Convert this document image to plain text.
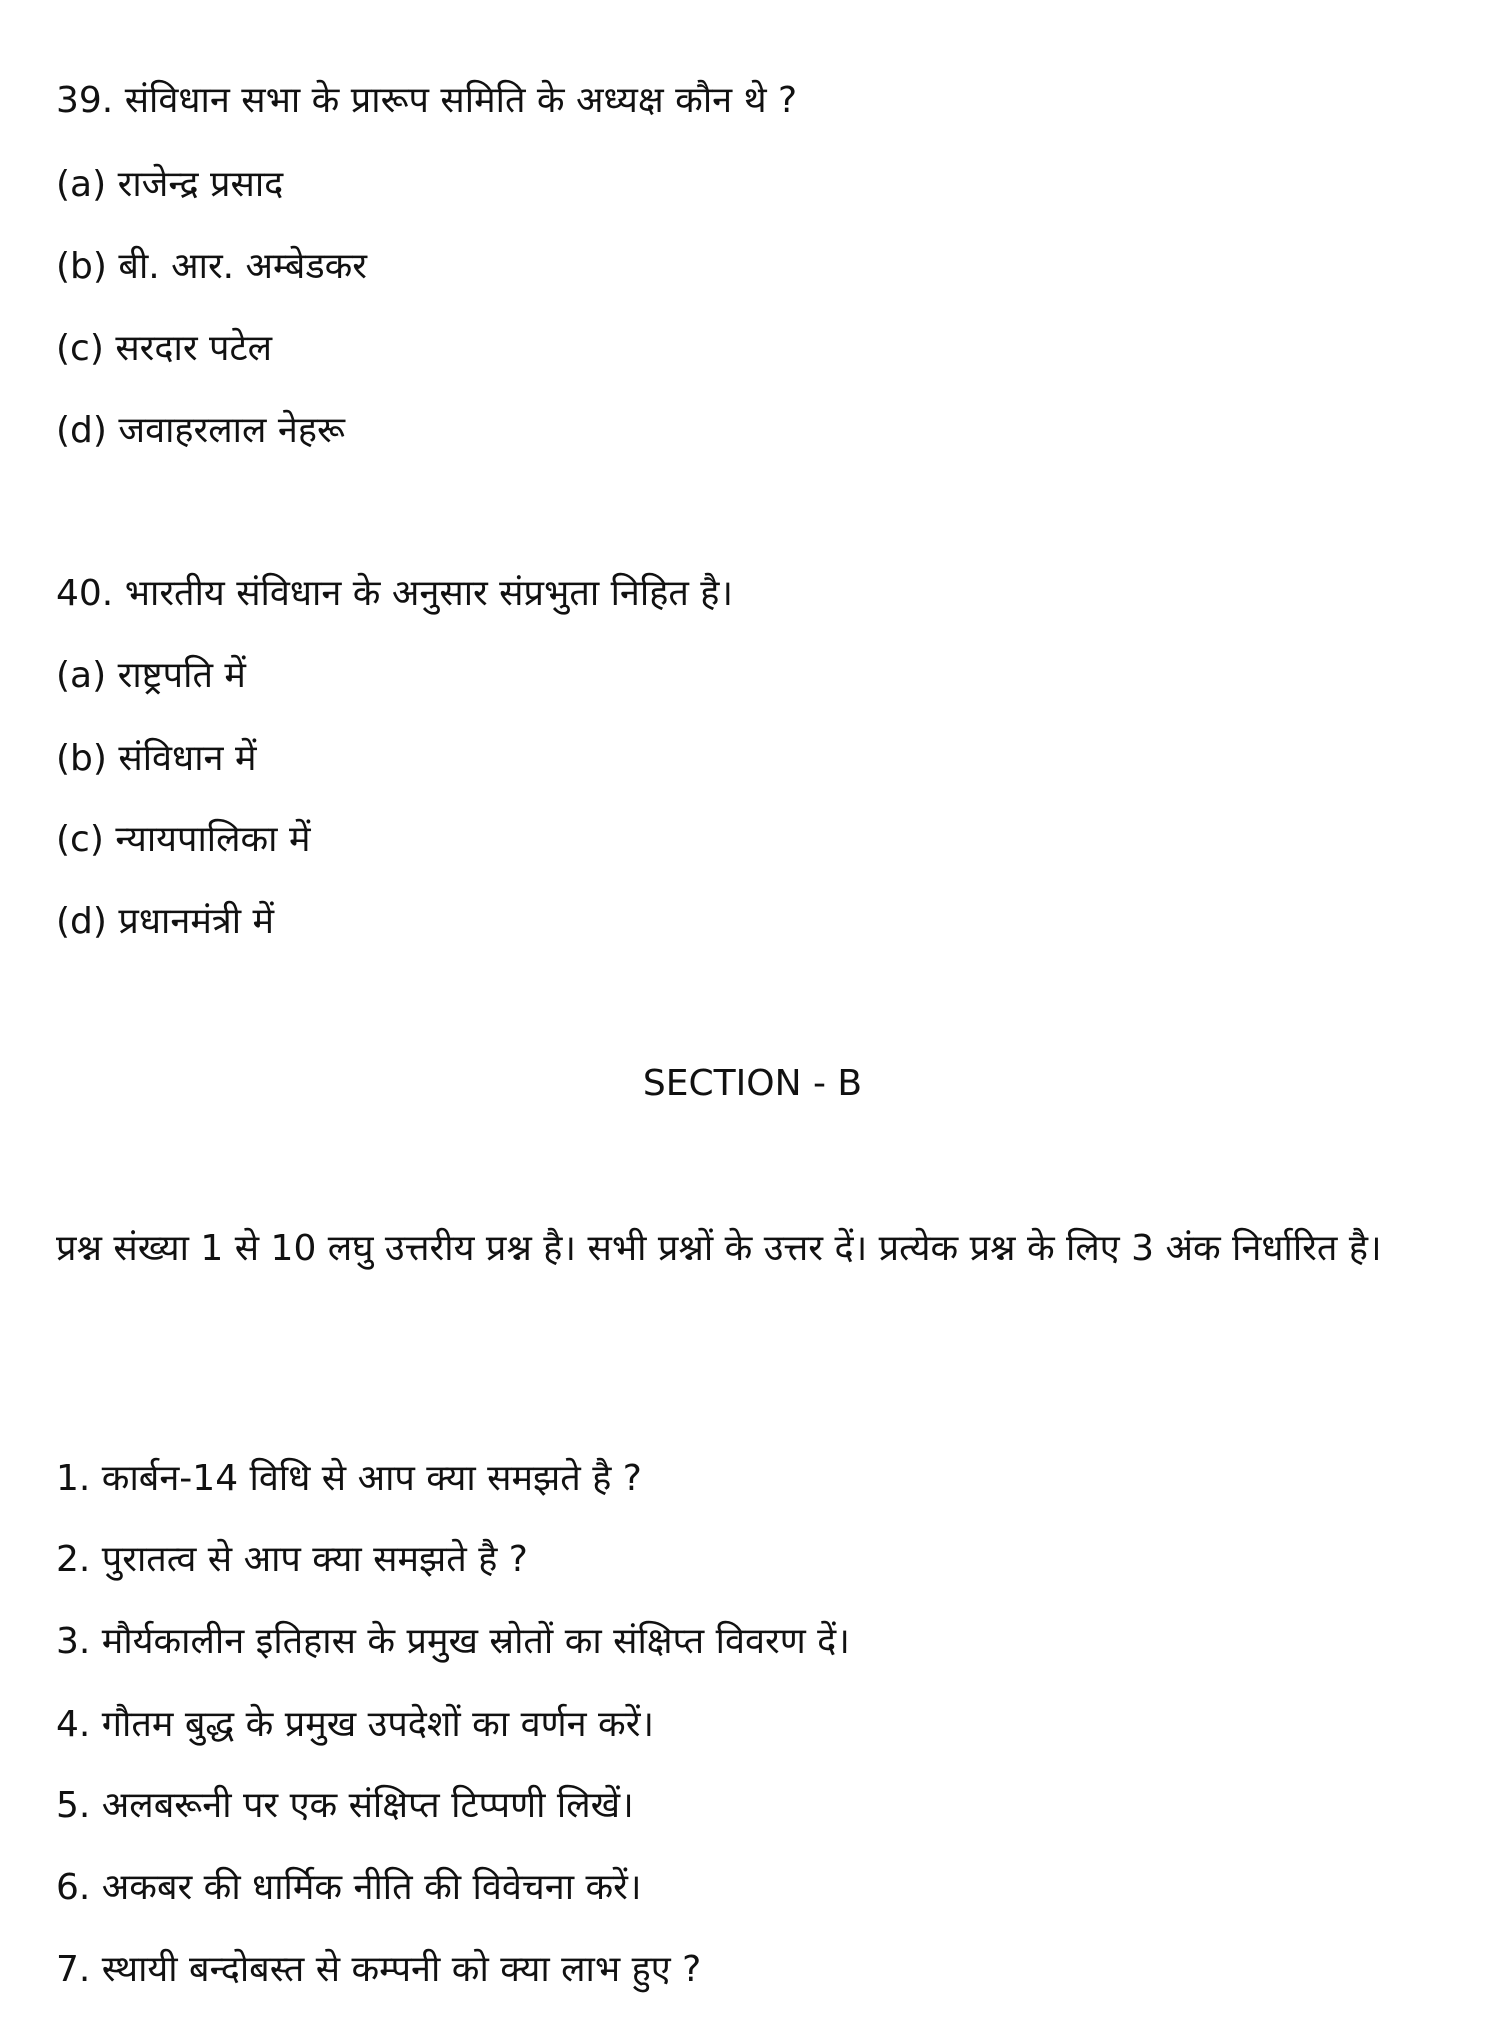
39. संविधान सभा के प्रारूप समिति के अध्यक्ष कौन थे ?
(a) राजेन्द्र प्रसाद
(b) बी. आर. अम्बेडकर
(c) सरदार पटेल
(d) जवाहरलाल नेहरू
40. भारतीय संविधान के अनुसार संप्रभुता निहित है।
(a) राष्ट्रपति में
(b) संविधान में
(c) न्यायपालिका में
(d) प्रधानमंत्री में
SECTION - B
प्रश्न संख्या 1 से 10 लघु उत्तरीय प्रश्न है। सभी प्रश्नों के उत्तर दें। प्रत्येक प्रश्न के लिए 3 अंक निर्धारित है।
1. कार्बन-14 विधि से आप क्या समझते है ?
2. पुरातत्व से आप क्या समझते है ?
3. मौर्यकालीन इतिहास के प्रमुख स्रोतों का संक्षिप्त विवरण दें।
4. गौतम बुद्ध के प्रमुख उपदेशों का वर्णन करें।
5. अलबरूनी पर एक संक्षिप्त टिप्पणी लिखें।
6. अकबर की धार्मिक नीति की विवेचना करें।
7. स्थायी बन्दोबस्त से कम्पनी को क्या लाभ हुए ?
